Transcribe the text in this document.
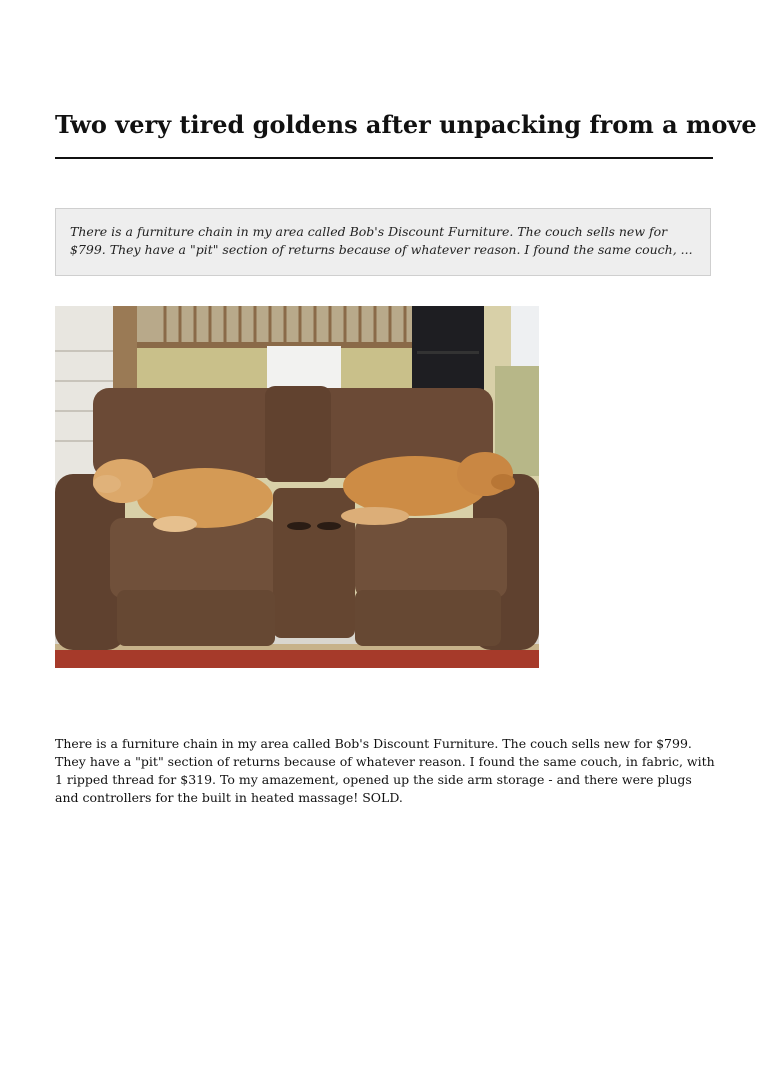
Two very tired goldens after unpacking from a move

There is a furniture chain in my area called Bob's Discount Furniture. The couch sells new for $799. They have a "pit" section of returns because of whatever reason. I found the same couch, ...

There is a furniture chain in my area called Bob's Discount Furniture. The couch sells new for $799. They have a "pit" section of returns because of whatever reason. I found the same couch, in fabric, with 1 ripped thread for $319. To my amazement, opened up the side arm storage - and there were plugs and controllers for the built in heated massage! SOLD.
